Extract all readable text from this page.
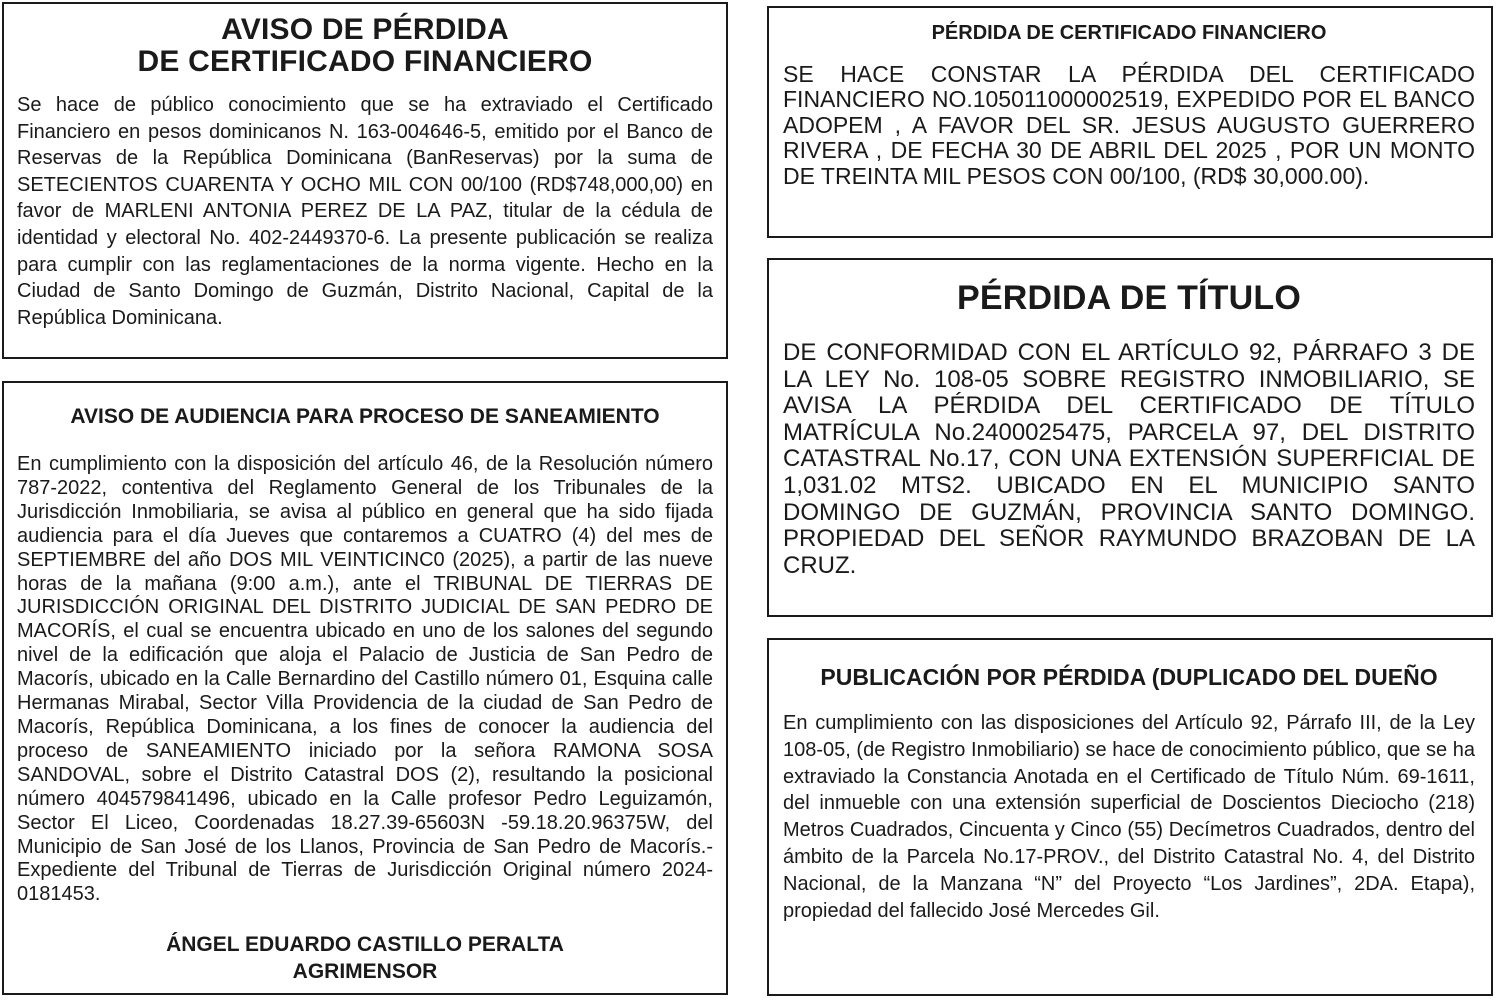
AVISO DE PÉRDIDA

DE CERTIFICADO FINANCIERO

Se hace de público conocimiento que se ha extraviado el Certificado Financiero en pesos dominicanos N. 163-004646-5, emitido por el Banco de Reservas de la República Dominicana (BanReservas) por la suma de SETECIENTOS CUARENTA Y OCHO MIL CON 00/100 (RD$748,000,00) en favor de MARLENI ANTONIA PEREZ DE LA PAZ, titular de la cédula de identidad y electoral No. 402-2449370-6. La presente publicación se realiza para cumplir con las reglamentaciones de la norma vigente. Hecho en la Ciudad de Santo Domingo de Guzmán, Distrito Nacional, Capital de la República Dominicana.

AVISO DE AUDIENCIA PARA PROCESO DE SANEAMIENTO

En cumplimiento con la disposición del artículo 46, de la Resolución número 787-2022, contentiva del Reglamento General de los Tribunales de la Jurisdicción Inmobiliaria, se avisa al público en general que ha sido fijada audiencia para el día Jueves que contaremos a CUATRO (4) del mes de SEPTIEMBRE del año DOS MIL VEINTICINC0 (2025), a partir de las nueve horas de la mañana (9:00 a.m.), ante el TRIBUNAL DE TIERRAS DE JURISDICCIÓN ORIGINAL DEL DISTRITO JUDICIAL DE SAN PEDRO DE MACORÍS, el cual se encuentra ubicado en uno de los salones del segundo nivel de la edificación que aloja el Palacio de Justicia de San Pedro de Macorís, ubicado en la Calle Bernardino del Castillo número 01, Esquina calle Hermanas Mirabal, Sector Villa Providencia de la ciudad de San Pedro de Macorís, República Dominicana, a los fines de conocer la audiencia del proceso de SANEAMIENTO iniciado por la señora RAMONA SOSA SANDOVAL, sobre el Distrito Catastral DOS (2), resultando la posicional número 404579841496, ubicado en la Calle profesor Pedro Leguizamón, Sector El Liceo, Coordenadas 18.27.39-65603N -59.18.20.96375W, del Municipio de San José de los Llanos, Provincia de San Pedro de Macorís.- Expediente del Tribunal de Tierras de Jurisdicción Original número 2024-0181453.

ÁNGEL EDUARDO CASTILLO PERALTA

AGRIMENSOR

PÉRDIDA DE CERTIFICADO FINANCIERO

SE HACE CONSTAR LA PÉRDIDA DEL CERTIFICADO FINANCIERO NO.105011000002519, EXPEDIDO POR EL BANCO ADOPEM , A FAVOR DEL SR. JESUS AUGUSTO GUERRERO RIVERA , DE FECHA 30 DE ABRIL DEL 2025 , POR UN MONTO DE TREINTA MIL PESOS CON 00/100, (RD$ 30,000.00).

PÉRDIDA DE TÍTULO

DE CONFORMIDAD CON EL ARTÍCULO 92, PÁRRAFO 3 DE LA LEY No. 108-05 SOBRE REGISTRO INMOBILIARIO, SE AVISA LA PÉRDIDA DEL CERTIFICADO DE TÍTULO MATRÍCULA No.2400025475, PARCELA 97, DEL DISTRITO CATASTRAL No.17, CON UNA EXTENSIÓN SUPERFICIAL DE 1,031.02 MTS2. UBICADO EN EL MUNICIPIO SANTO DOMINGO DE GUZMÁN, PROVINCIA SANTO DOMINGO. PROPIEDAD DEL SEÑOR RAYMUNDO BRAZOBAN DE LA CRUZ.

PUBLICACIÓN POR PÉRDIDA (DUPLICADO DEL DUEÑO

En cumplimiento con las disposiciones del Artículo 92, Párrafo III, de la Ley 108-05, (de Registro Inmobiliario) se hace de conocimiento público, que se ha extraviado la Constancia Anotada en el Certificado de Título Núm. 69-1611, del inmueble con una extensión superficial de Doscientos Dieciocho (218) Metros Cuadrados, Cincuenta y Cinco (55) Decímetros Cuadrados, dentro del ámbito de la Parcela No.17-PROV., del Distrito Catastral No. 4, del Distrito Nacional, de la Manzana “N” del Proyecto “Los Jardines”, 2DA. Etapa), propiedad del fallecido José Mercedes Gil.
